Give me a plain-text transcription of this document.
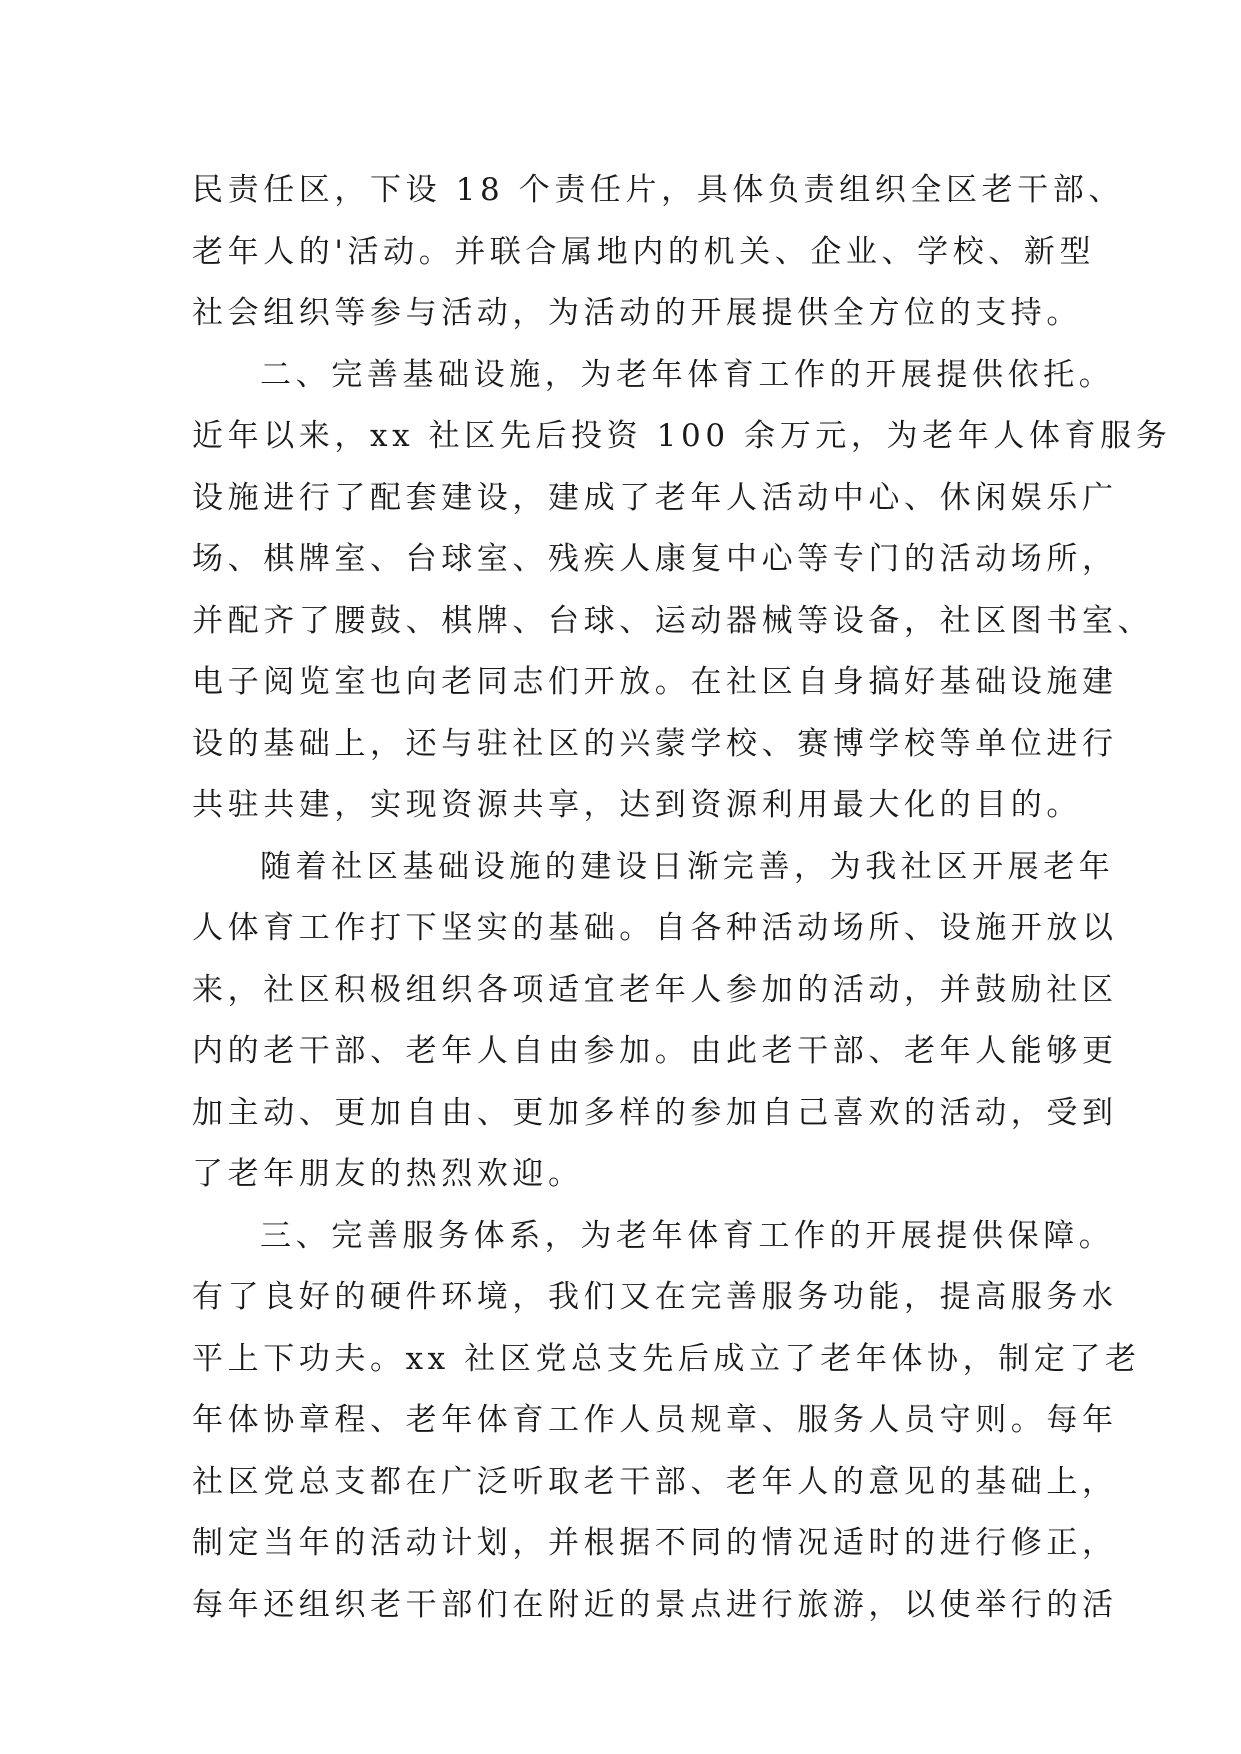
民责任区，下设 18 个责任片，具体负责组织全区老干部、
老年人的'活动。并联合属地内的机关、企业、学校、新型
社会组织等参与活动，为活动的开展提供全方位的支持。
二、完善基础设施，为老年体育工作的开展提供依托。
近年以来，xx 社区先后投资 100 余万元，为老年人体育服务
设施进行了配套建设，建成了老年人活动中心、休闲娱乐广
场、棋牌室、台球室、残疾人康复中心等专门的活动场所，
并配齐了腰鼓、棋牌、台球、运动器械等设备，社区图书室、
电子阅览室也向老同志们开放。在社区自身搞好基础设施建
设的基础上，还与驻社区的兴蒙学校、赛博学校等单位进行
共驻共建，实现资源共享，达到资源利用最大化的目的。
随着社区基础设施的建设日渐完善，为我社区开展老年
人体育工作打下坚实的基础。自各种活动场所、设施开放以
来，社区积极组织各项适宜老年人参加的活动，并鼓励社区
内的老干部、老年人自由参加。由此老干部、老年人能够更
加主动、更加自由、更加多样的参加自己喜欢的活动，受到
了老年朋友的热烈欢迎。
三、完善服务体系，为老年体育工作的开展提供保障。
有了良好的硬件环境，我们又在完善服务功能，提高服务水
平上下功夫。xx 社区党总支先后成立了老年体协，制定了老
年体协章程、老年体育工作人员规章、服务人员守则。每年
社区党总支都在广泛听取老干部、老年人的意见的基础上，
制定当年的活动计划，并根据不同的情况适时的进行修正，
每年还组织老干部们在附近的景点进行旅游，以使举行的活
